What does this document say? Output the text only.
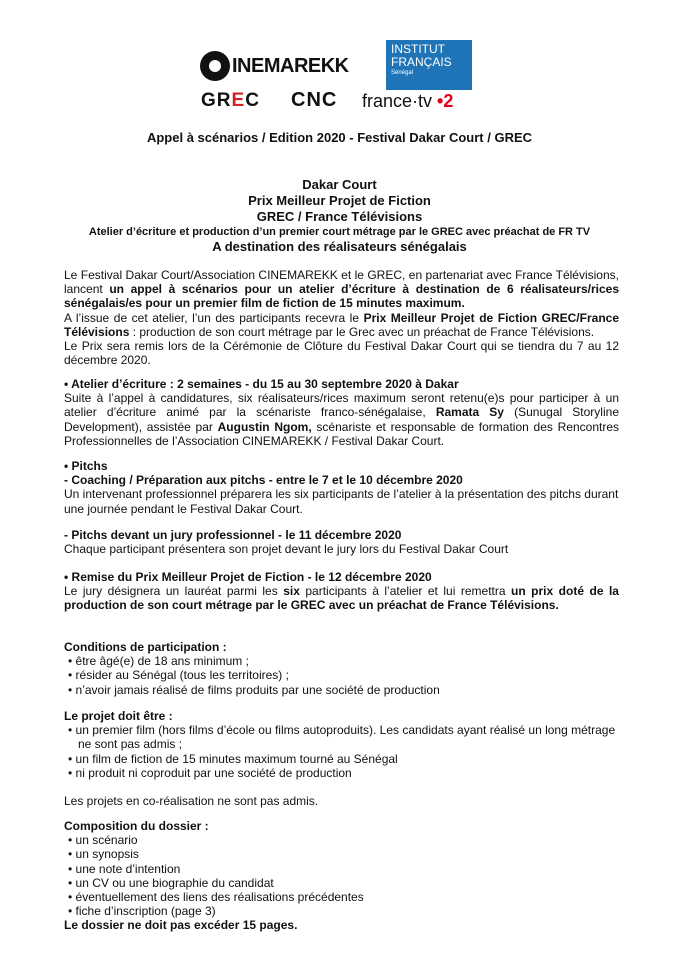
INEMAREKK
INSTITUT
FRANÇAIS
Sénégal
GREC CNC france·tv •2
Appel à scénarios / Edition 2020 - Festival Dakar Court / GREC
Dakar Court
Prix Meilleur Projet de Fiction
GREC / France Télévisions
Atelier d’écriture et production d’un premier court métrage par le GREC avec préachat de FR TV
A destination des réalisateurs sénégalais

Le Festival Dakar Court/Association CINEMAREKK et le GREC, en partenariat avec France Télévisions, lancent un appel à scénarios pour un atelier d’écriture à destination de 6 réalisateurs/rices sénégalais/es pour un premier film de fiction de 15 minutes maximum.

A l’issue de cet atelier, l’un des participants recevra le Prix Meilleur Projet de Fiction GREC/France Télévisions : production de son court métrage par le Grec avec un préachat de France Télévisions.

Le Prix sera remis lors de la Cérémonie de Clôture du Festival Dakar Court qui se tiendra du 7 au 12 décembre 2020.

• Atelier d’écriture : 2 semaines - du 15 au 30 septembre 2020 à Dakar

Suite à l’appel à candidatures, six réalisateurs/rices maximum seront retenu(e)s pour participer à un atelier d’écriture animé par la scénariste franco-sénégalaise, Ramata Sy (Sunugal Storyline Development), assistée par Augustin Ngom, scénariste et responsable de formation des Rencontres Professionnelles de l’Association CINEMAREKK / Festival Dakar Court.

• Pitchs

- Coaching / Préparation aux pitchs - entre le 7 et le 10 décembre 2020

Un intervenant professionnel préparera les six participants de l’atelier à la présentation des pitchs durant une journée pendant le Festival Dakar Court.

- Pitchs devant un jury professionnel - le 11 décembre 2020

Chaque participant présentera son projet devant le jury lors du Festival Dakar Court

• Remise du Prix Meilleur Projet de Fiction - le 12 décembre 2020

Le jury désignera un lauréat parmi les six participants à l’atelier et lui remettra un prix doté de la production de son court métrage par le GREC avec un préachat de France Télévisions.

Conditions de participation :

• être âgé(e) de 18 ans minimum ;
• résider au Sénégal (tous les territoires) ;
• n’avoir jamais réalisé de films produits par une société de production

Le projet doit être :

• un premier film (hors films d’école ou films autoproduits). Les candidats ayant réalisé un long métrage ne sont pas admis ;
• un film de fiction de 15 minutes maximum tourné au Sénégal
• ni produit ni coproduit par une société de production

Les projets en co-réalisation ne sont pas admis.

Composition du dossier :

• un scénario
• un synopsis
• une note d’intention
• un CV ou une biographie du candidat
• éventuellement des liens des réalisations précédentes
• fiche d’inscription (page 3)

Le dossier ne doit pas excéder 15 pages.
